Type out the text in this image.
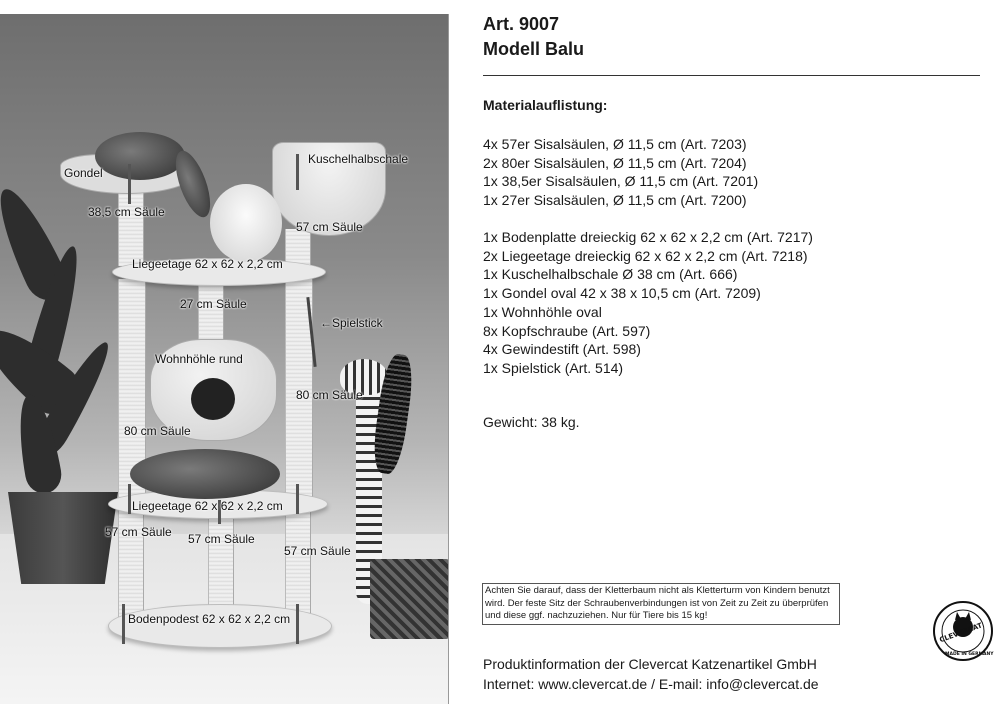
Kuschelhalbschale
Gondel
38,5 cm Säule
57 cm Säule
Liegeetage 62 x 62 x 2,2 cm
27 cm Säule
←Spielstick
Wohnhöhle rund
80 cm Säule
80 cm Säule
Liegeetage 62 x 62 x 2,2 cm
57 cm Säule 57 cm Säule
57 cm Säule
Bodenpodest 62 x 62 x 2,2 cm
Art. 9007
Modell Balu
Materialauflistung:
4x 57er Sisalsäulen, Ø 11,5 cm (Art. 7203)
2x 80er Sisalsäulen, Ø 11,5 cm (Art. 7204)
1x 38,5er Sisalsäulen, Ø 11,5 cm (Art. 7201)
1x 27er Sisalsäulen, Ø 11,5 cm (Art. 7200)
1x Bodenplatte dreieckig 62 x 62 x 2,2 cm (Art. 7217)
2x Liegeetage dreieckig 62 x 62 x 2,2 cm (Art. 7218)
1x Kuschelhalbschale Ø 38 cm (Art. 666)
1x Gondel oval 42 x 38 x 10,5 cm (Art. 7209)
1x Wohnhöhle oval
8x Kopfschraube (Art. 597)
4x Gewindestift (Art. 598)
1x Spielstick (Art. 514)
Gewicht: 38 kg.
Achten Sie darauf, dass der Kletterbaum nicht als Kletterturm von Kindern benutzt wird. Der feste Sitz der Schraubenverbindungen ist von Zeit zu Zeit zu überprüfen und diese ggf. nachzuziehen. Nur für Tiere bis 15 kg!
CLEVERCAT
MADE IN GERMANY
Produktinformation der Clevercat Katzenartikel GmbH
Internet: www.clevercat.de / E-mail: info@clevercat.de
